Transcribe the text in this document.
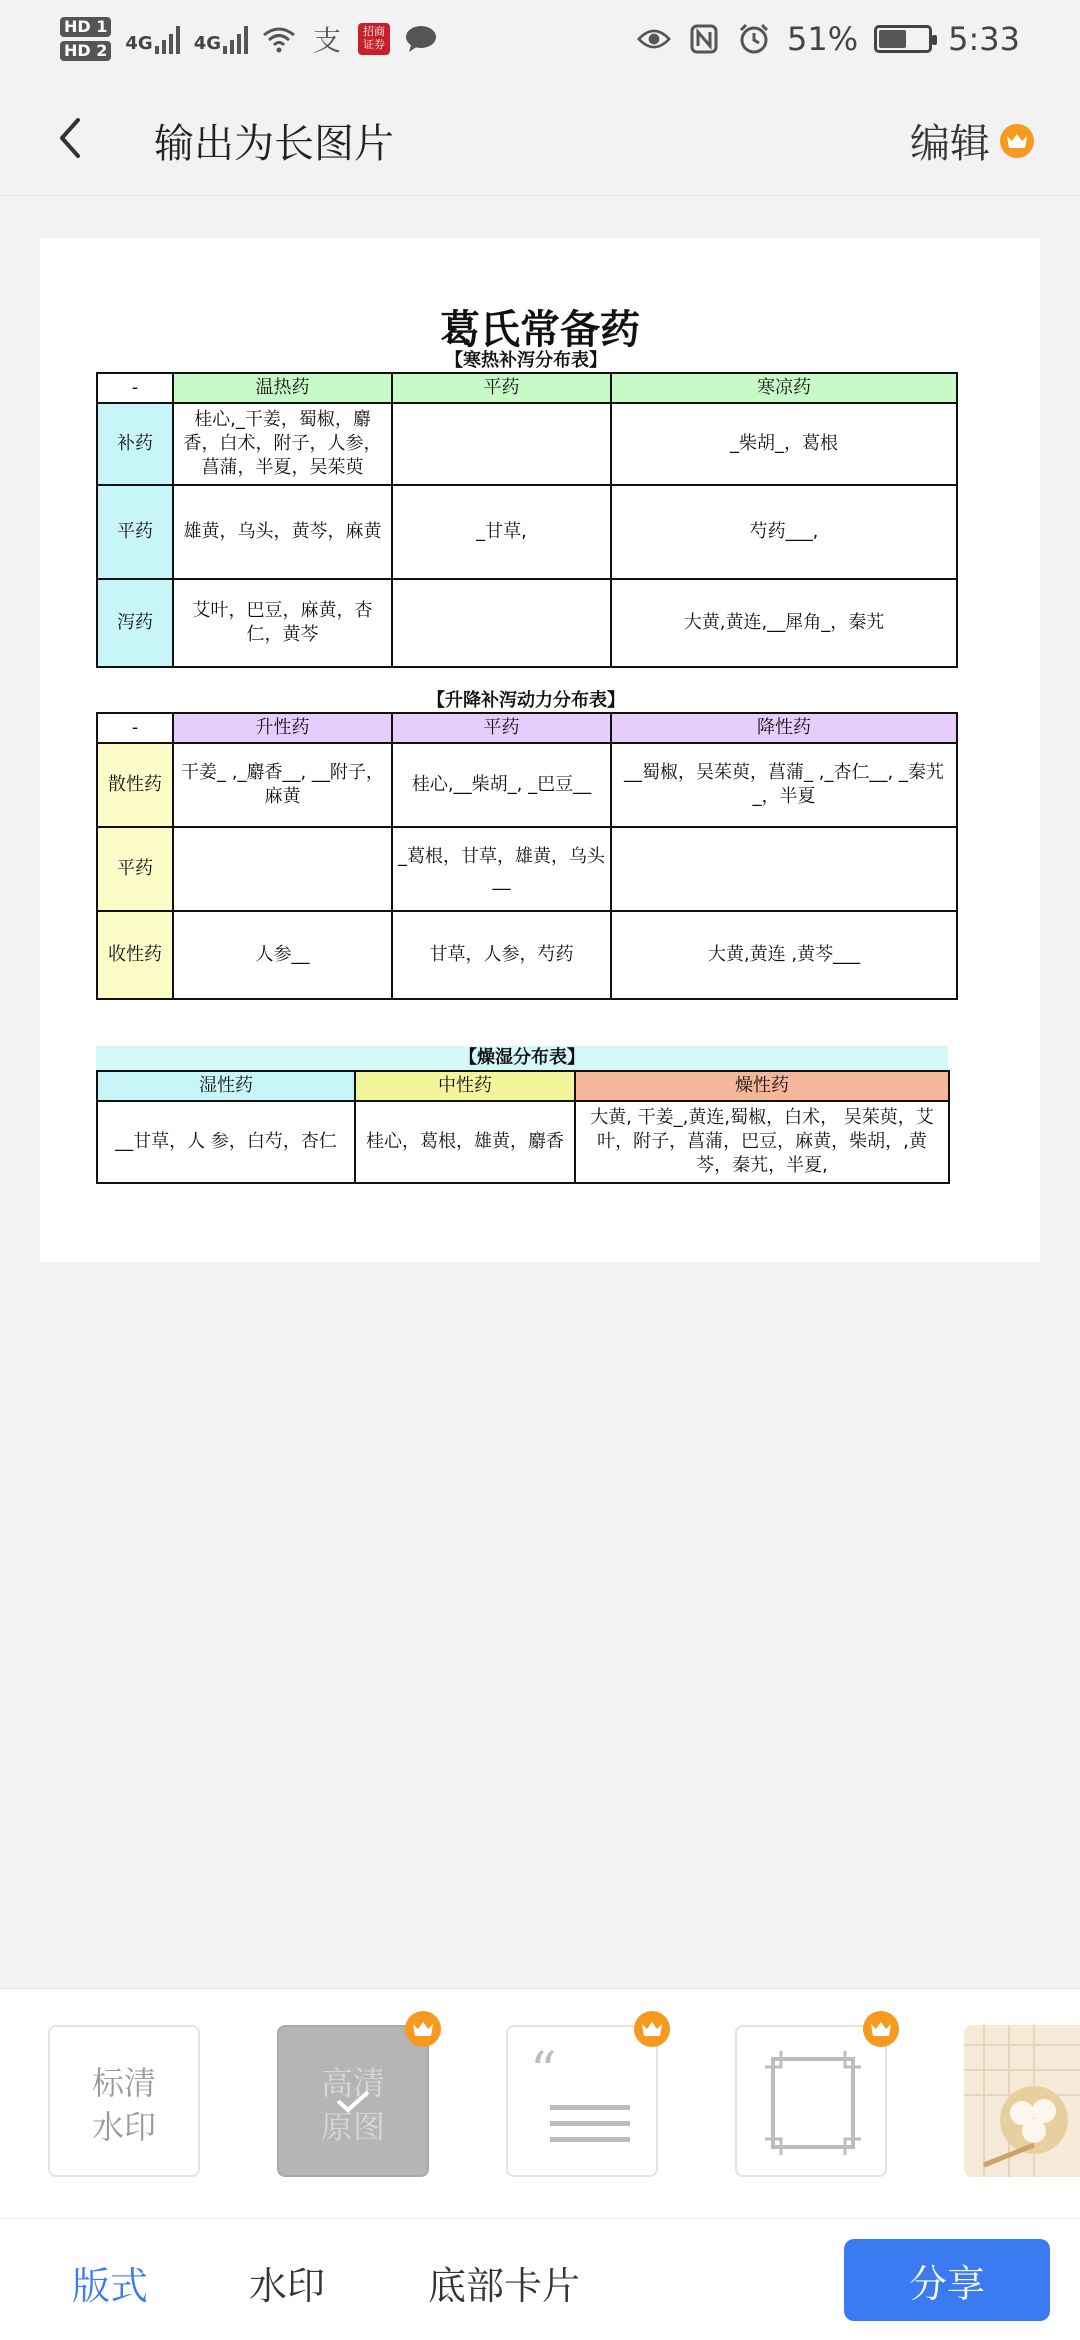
HD 1
HD 2 4G 4G	支	招商证券	51%	5:33
输出为长图片	编辑
葛氏常备药
【寒热补泻分布表】
-	温热药	平药	寒凉药
补药	桂心,_干姜，蜀椒，麝香，白术，附子，人参，菖蒲，半夏，吴茱萸		_柴胡_，葛根
平药	雄黄，乌头，黄芩，麻黄	_甘草,	芍药___,
泻药	艾叶，巴豆，麻黄，杏仁，黄芩		大黄,黄连,__犀角_，秦艽
【升降补泻动力分布表】
-	升性药	平药	降性药
散性药	干姜_ ,_麝香__, __附子，麻黄	桂心,__柴胡_, _巴豆__	__蜀椒，吴茱萸，菖蒲_ ,_杏仁__, _秦艽_，半夏
平药		_葛根，甘草，雄黄，乌头__	
收性药	人参__	甘草，人参，芍药	大黄,黄连 ,黄芩___
【燥湿分布表】
湿性药	中性药	燥性药
__甘草，人 参，白芍，杏仁	桂心，葛根，雄黄，麝香	大黄, 干姜_,黄连,蜀椒，白术， 吴茱萸，艾叶，附子，菖蒲，巴豆，麻黄，柴胡，,黄芩，秦艽，半夏,
标清
水印
高清
原图
“
版式	水印	底部卡片	分享
